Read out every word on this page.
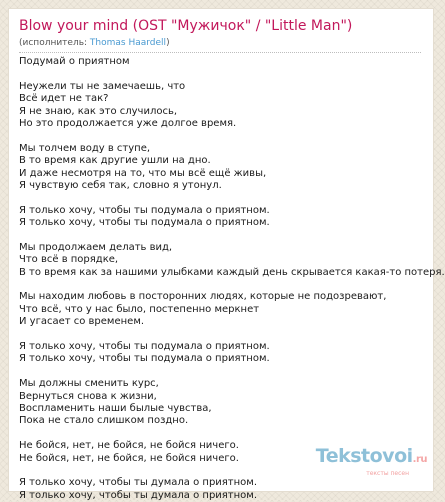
Blow your mind (OST "Мужичок" / "Little Man")
(исполнитель: Thomas Haardell)
Подумай о приятном
Неужели ты не замечаешь, что
Всё идет не так?
Я не знаю, как это случилось,
Но это продолжается уже долгое время.
Мы толчем воду в ступе,
В то время как другие ушли на дно.
И даже несмотря на то, что мы всё ещё живы,
Я чувствую себя так, словно я утонул.
Я только хочу, чтобы ты подумала о приятном.
Я только хочу, чтобы ты подумала о приятном.
Мы продолжаем делать вид,
Что всё в порядке,
В то время как за нашими улыбками каждый день скрывается какая-то потеря.
Мы находим любовь в посторонних людях, которые не подозревают,
Что всё, что у нас было, постепенно меркнет
И угасает со временем.
Я только хочу, чтобы ты подумала о приятном.
Я только хочу, чтобы ты подумала о приятном.
Мы должны сменить курс,
Вернуться снова к жизни,
Воспламенить наши былые чувства,
Пока не стало слишком поздно.
Не бойся, нет, не бойся, не бойся ничего.
Не бойся, нет, не бойся, не бойся ничего.
Я только хочу, чтобы ты думала о приятном.
Я только хочу, чтобы ты думала о приятном.
Tekstovoi.ru
тексты песен
